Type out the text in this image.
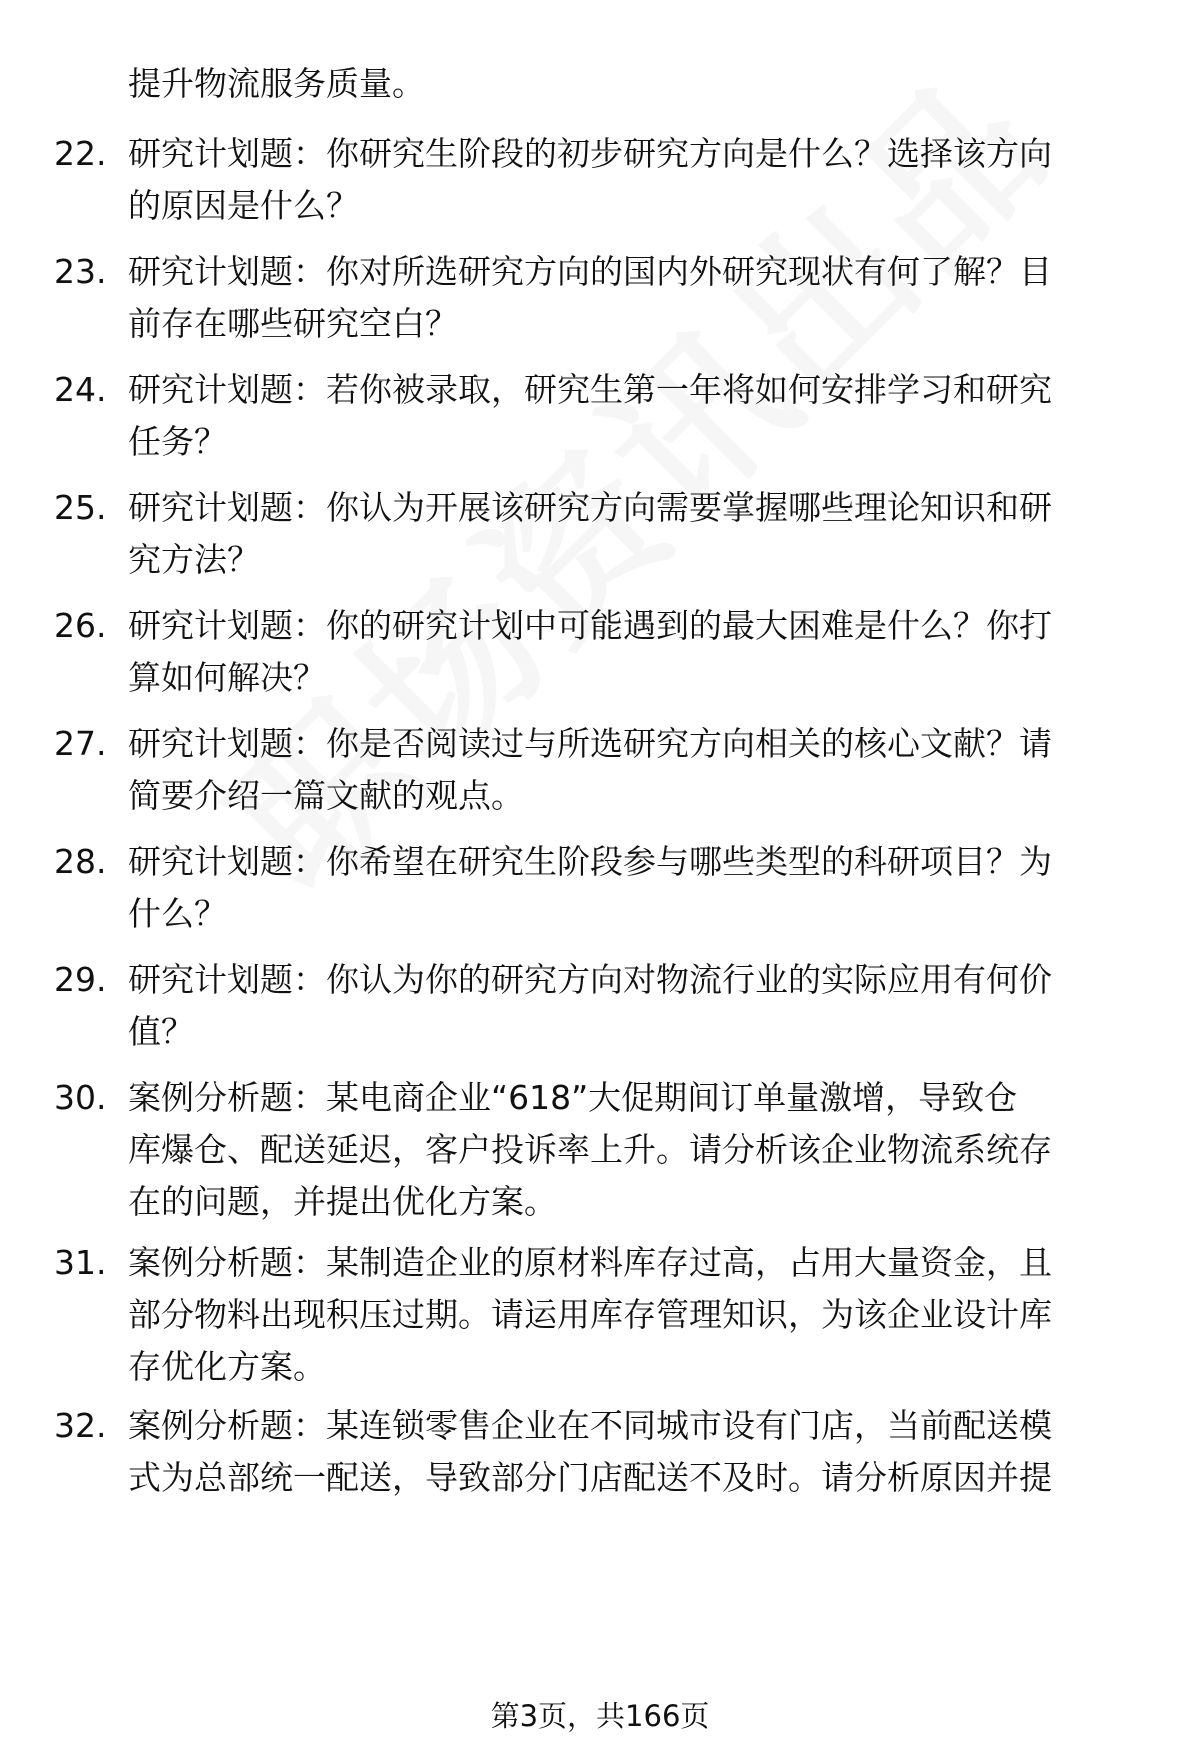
提升物流服务质量。
22. 研究计划题：你研究生阶段的初步研究方向是什么？选择该方向
的原因是什么？
23. 研究计划题：你对所选研究方向的国内外研究现状有何了解？目
前存在哪些研究空白？
24. 研究计划题：若你被录取，研究生第一年将如何安排学习和研究
任务？
25. 研究计划题：你认为开展该研究方向需要掌握哪些理论知识和研
究方法？
26. 研究计划题：你的研究计划中可能遇到的最大困难是什么？你打
算如何解决？
27. 研究计划题：你是否阅读过与所选研究方向相关的核心文献？请
简要介绍一篇文献的观点。
28. 研究计划题：你希望在研究生阶段参与哪些类型的科研项目？为
什么？
29. 研究计划题：你认为你的研究方向对物流行业的实际应用有何价
值？
30. 案例分析题：某电商企业“618”大促期间订单量激增，导致仓
库爆仓、配送延迟，客户投诉率上升。请分析该企业物流系统存
在的问题，并提出优化方案。
31. 案例分析题：某制造企业的原材料库存过高，占用大量资金，且
部分物料出现积压过期。请运用库存管理知识，为该企业设计库
存优化方案。
32. 案例分析题：某连锁零售企业在不同城市设有门店，当前配送模
式为总部统一配送，导致部分门店配送不及时。请分析原因并提
第3页，共166页
